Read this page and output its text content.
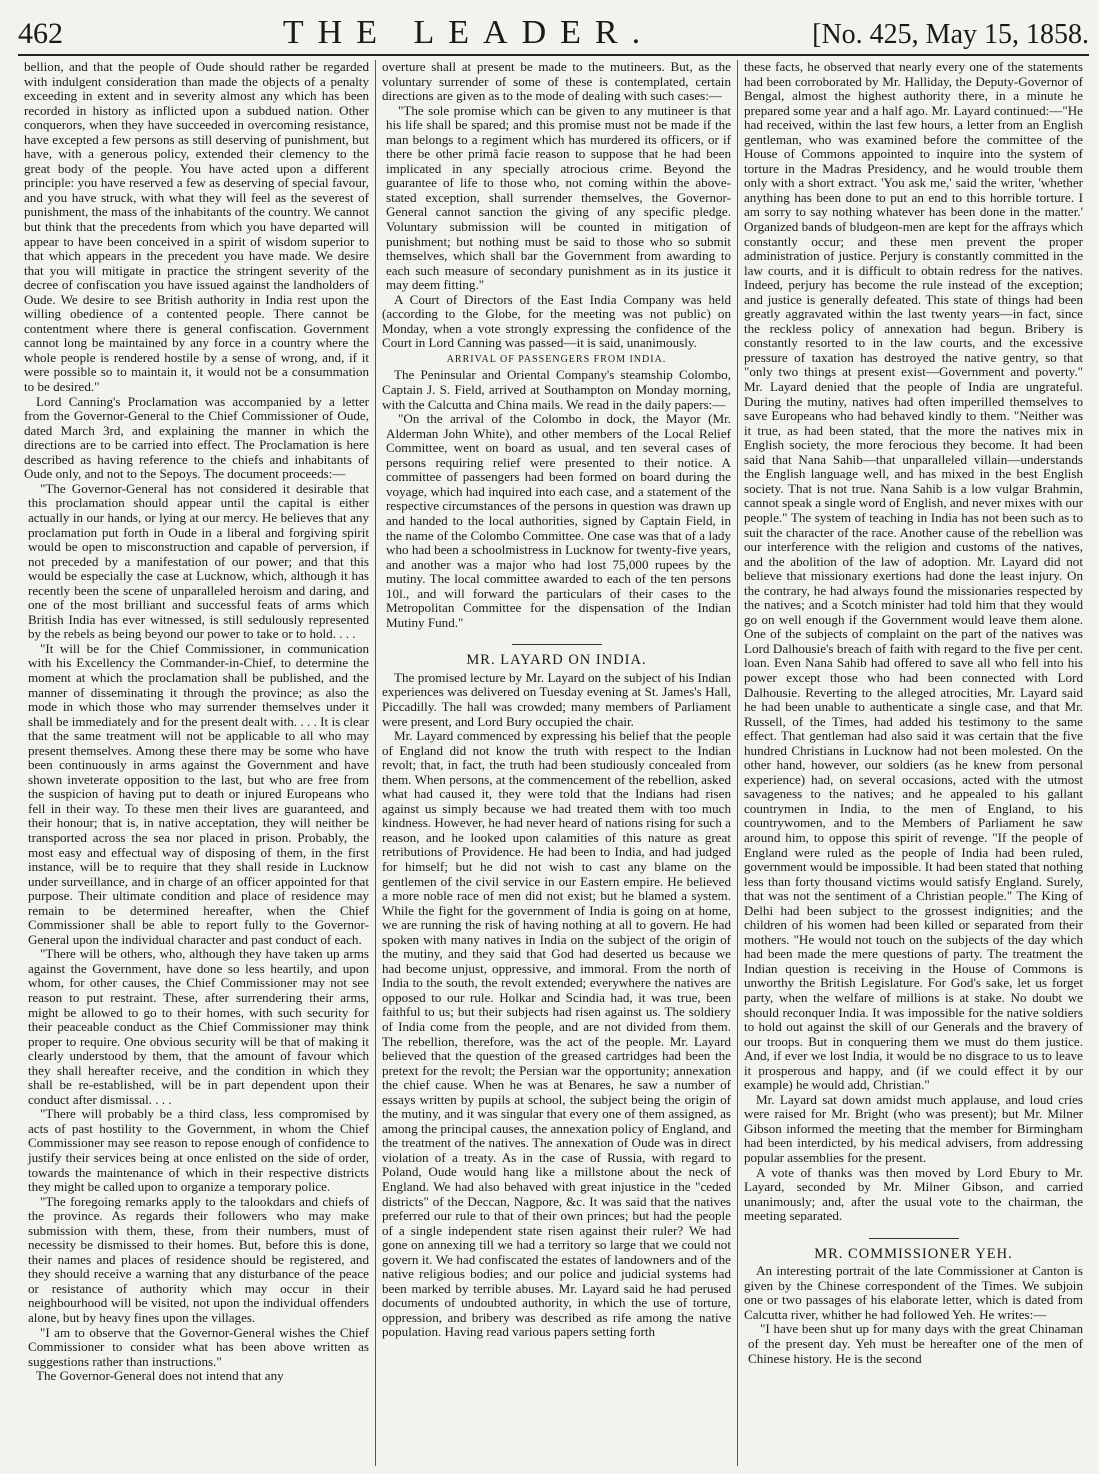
462	THE LEADER.	[No. 425, May 15, 1858.

bellion, and that the people of Oude should rather be regarded with indulgent consideration than made the objects of a penalty exceeding in extent and in severity almost any which has been recorded in history as inflicted upon a subdued nation. Other conquerors, when they have succeeded in overcoming resistance, have excepted a few persons as still deserving of punishment, but have, with a generous policy, extended their clemency to the great body of the people. You have acted upon a different principle: you have reserved a few as deserving of special favour, and you have struck, with what they will feel as the severest of punishment, the mass of the inhabitants of the country. We cannot but think that the precedents from which you have departed will appear to have been conceived in a spirit of wisdom superior to that which appears in the precedent you have made. We desire that you will mitigate in practice the stringent severity of the decree of confiscation you have issued against the landholders of Oude. We desire to see British authority in India rest upon the willing obedience of a contented people. There cannot be contentment where there is general confiscation. Government cannot long be maintained by any force in a country where the whole people is rendered hostile by a sense of wrong, and, if it were possible so to maintain it, it would not be a consummation to be desired."

Lord Canning's Proclamation was accompanied by a letter from the Governor-General to the Chief Commissioner of Oude, dated March 3rd, and explaining the manner in which the directions are to be carried into effect. The Proclamation is here described as having reference to the chiefs and inhabitants of Oude only, and not to the Sepoys. The document proceeds:—

"The Governor-General has not considered it desirable that this proclamation should appear until the capital is either actually in our hands, or lying at our mercy. He believes that any proclamation put forth in Oude in a liberal and forgiving spirit would be open to misconstruction and capable of perversion, if not preceded by a manifestation of our power; and that this would be especially the case at Lucknow, which, although it has recently been the scene of unparalleled heroism and daring, and one of the most brilliant and successful feats of arms which British India has ever witnessed, is still sedulously represented by the rebels as being beyond our power to take or to hold. . . .

"It will be for the Chief Commissioner, in communication with his Excellency the Commander-in-Chief, to determine the moment at which the proclamation shall be published, and the manner of disseminating it through the province; as also the mode in which those who may surrender themselves under it shall be immediately and for the present dealt with. . . . It is clear that the same treatment will not be applicable to all who may present themselves. Among these there may be some who have been continuously in arms against the Government and have shown inveterate opposition to the last, but who are free from the suspicion of having put to death or injured Europeans who fell in their way. To these men their lives are guaranteed, and their honour; that is, in native acceptation, they will neither be transported across the sea nor placed in prison. Probably, the most easy and effectual way of disposing of them, in the first instance, will be to require that they shall reside in Lucknow under surveillance, and in charge of an officer appointed for that purpose. Their ultimate condition and place of residence may remain to be determined hereafter, when the Chief Commissioner shall be able to report fully to the Governor-General upon the individual character and past conduct of each.

"There will be others, who, although they have taken up arms against the Government, have done so less heartily, and upon whom, for other causes, the Chief Commissioner may not see reason to put restraint. These, after surrendering their arms, might be allowed to go to their homes, with such security for their peaceable conduct as the Chief Commissioner may think proper to require. One obvious security will be that of making it clearly understood by them, that the amount of favour which they shall hereafter receive, and the condition in which they shall be re-established, will be in part dependent upon their conduct after dismissal. . . .

"There will probably be a third class, less compromised by acts of past hostility to the Government, in whom the Chief Commissioner may see reason to repose enough of confidence to justify their services being at once enlisted on the side of order, towards the maintenance of which in their respective districts they might be called upon to organize a temporary police.

"The foregoing remarks apply to the talookdars and chiefs of the province. As regards their followers who may make submission with them, these, from their numbers, must of necessity be dismissed to their homes. But, before this is done, their names and places of residence should be registered, and they should receive a warning that any disturbance of the peace or resistance of authority which may occur in their neighbourhood will be visited, not upon the individual offenders alone, but by heavy fines upon the villages.

"I am to observe that the Governor-General wishes the Chief Commissioner to consider what has been above written as suggestions rather than instructions."

The Governor-General does not intend that any

overture shall at present be made to the mutineers. But, as the voluntary surrender of some of these is contemplated, certain directions are given as to the mode of dealing with such cases:—

"The sole promise which can be given to any mutineer is that his life shall be spared; and this promise must not be made if the man belongs to a regiment which has murdered its officers, or if there be other primâ facie reason to suppose that he had been implicated in any specially atrocious crime. Beyond the guarantee of life to those who, not coming within the above-stated exception, shall surrender themselves, the Governor-General cannot sanction the giving of any specific pledge. Voluntary submission will be counted in mitigation of punishment; but nothing must be said to those who so submit themselves, which shall bar the Government from awarding to each such measure of secondary punishment as in its justice it may deem fitting."

A Court of Directors of the East India Company was held (according to the Globe, for the meeting was not public) on Monday, when a vote strongly expressing the confidence of the Court in Lord Canning was passed—it is said, unanimously.

ARRIVAL OF PASSENGERS FROM INDIA.

The Peninsular and Oriental Company's steamship Colombo, Captain J. S. Field, arrived at Southampton on Monday morning, with the Calcutta and China mails. We read in the daily papers:—

"On the arrival of the Colombo in dock, the Mayor (Mr. Alderman John White), and other members of the Local Relief Committee, went on board as usual, and ten several cases of persons requiring relief were presented to their notice. A committee of passengers had been formed on board during the voyage, which had inquired into each case, and a statement of the respective circumstances of the persons in question was drawn up and handed to the local authorities, signed by Captain Field, in the name of the Colombo Committee. One case was that of a lady who had been a schoolmistress in Lucknow for twenty-five years, and another was a major who had lost 75,000 rupees by the mutiny. The local committee awarded to each of the ten persons 10l., and will forward the particulars of their cases to the Metropolitan Committee for the dispensation of the Indian Mutiny Fund."

MR. LAYARD ON INDIA.

The promised lecture by Mr. Layard on the subject of his Indian experiences was delivered on Tuesday evening at St. James's Hall, Piccadilly. The hall was crowded; many members of Parliament were present, and Lord Bury occupied the chair.

Mr. Layard commenced by expressing his belief that the people of England did not know the truth with respect to the Indian revolt; that, in fact, the truth had been studiously concealed from them. When persons, at the commencement of the rebellion, asked what had caused it, they were told that the Indians had risen against us simply because we had treated them with too much kindness. However, he had never heard of nations rising for such a reason, and he looked upon calamities of this nature as great retributions of Providence. He had been to India, and had judged for himself; but he did not wish to cast any blame on the gentlemen of the civil service in our Eastern empire. He believed a more noble race of men did not exist; but he blamed a system. While the fight for the government of India is going on at home, we are running the risk of having nothing at all to govern. He had spoken with many natives in India on the subject of the origin of the mutiny, and they said that God had deserted us because we had become unjust, oppressive, and immoral. From the north of India to the south, the revolt extended; everywhere the natives are opposed to our rule. Holkar and Scindia had, it was true, been faithful to us; but their subjects had risen against us. The soldiery of India come from the people, and are not divided from them. The rebellion, therefore, was the act of the people. Mr. Layard believed that the question of the greased cartridges had been the pretext for the revolt; the Persian war the opportunity; annexation the chief cause. When he was at Benares, he saw a number of essays written by pupils at school, the subject being the origin of the mutiny, and it was singular that every one of them assigned, as among the principal causes, the annexation policy of England, and the treatment of the natives. The annexation of Oude was in direct violation of a treaty. As in the case of Russia, with regard to Poland, Oude would hang like a millstone about the neck of England. We had also behaved with great injustice in the "ceded districts" of the Deccan, Nagpore, &c. It was said that the natives preferred our rule to that of their own princes; but had the people of a single independent state risen against their ruler? We had gone on annexing till we had a territory so large that we could not govern it. We had confiscated the estates of landowners and of the native religious bodies; and our police and judicial systems had been marked by terrible abuses. Mr. Layard said he had perused documents of undoubted authority, in which the use of torture, oppression, and bribery was described as rife among the native population. Having read various papers setting forth

these facts, he observed that nearly every one of the statements had been corroborated by Mr. Halliday, the Deputy-Governor of Bengal, almost the highest authority there, in a minute he prepared some year and a half ago. Mr. Layard continued:—"He had received, within the last few hours, a letter from an English gentleman, who was examined before the committee of the House of Commons appointed to inquire into the system of torture in the Madras Presidency, and he would trouble them only with a short extract. 'You ask me,' said the writer, 'whether anything has been done to put an end to this horrible torture. I am sorry to say nothing whatever has been done in the matter.' Organized bands of bludgeon-men are kept for the affrays which constantly occur; and these men prevent the proper administration of justice. Perjury is constantly committed in the law courts, and it is difficult to obtain redress for the natives. Indeed, perjury has become the rule instead of the exception; and justice is generally defeated. This state of things had been greatly aggravated within the last twenty years—in fact, since the reckless policy of annexation had begun. Bribery is constantly resorted to in the law courts, and the excessive pressure of taxation has destroyed the native gentry, so that "only two things at present exist—Government and poverty." Mr. Layard denied that the people of India are ungrateful. During the mutiny, natives had often imperilled themselves to save Europeans who had behaved kindly to them. "Neither was it true, as had been stated, that the more the natives mix in English society, the more ferocious they become. It had been said that Nana Sahib—that unparalleled villain—understands the English language well, and has mixed in the best English society. That is not true. Nana Sahib is a low vulgar Brahmin, cannot speak a single word of English, and never mixes with our people." The system of teaching in India has not been such as to suit the character of the race. Another cause of the rebellion was our interference with the religion and customs of the natives, and the abolition of the law of adoption. Mr. Layard did not believe that missionary exertions had done the least injury. On the contrary, he had always found the missionaries respected by the natives; and a Scotch minister had told him that they would go on well enough if the Government would leave them alone. One of the subjects of complaint on the part of the natives was Lord Dalhousie's breach of faith with regard to the five per cent. loan. Even Nana Sahib had offered to save all who fell into his power except those who had been connected with Lord Dalhousie. Reverting to the alleged atrocities, Mr. Layard said he had been unable to authenticate a single case, and that Mr. Russell, of the Times, had added his testimony to the same effect. That gentleman had also said it was certain that the five hundred Christians in Lucknow had not been molested. On the other hand, however, our soldiers (as he knew from personal experience) had, on several occasions, acted with the utmost savageness to the natives; and he appealed to his gallant countrymen in India, to the men of England, to his countrywomen, and to the Members of Parliament he saw around him, to oppose this spirit of revenge. "If the people of England were ruled as the people of India had been ruled, government would be impossible. It had been stated that nothing less than forty thousand victims would satisfy England. Surely, that was not the sentiment of a Christian people." The King of Delhi had been subject to the grossest indignities; and the children of his women had been killed or separated from their mothers. "He would not touch on the subjects of the day which had been made the mere questions of party. The treatment the Indian question is receiving in the House of Commons is unworthy the British Legislature. For God's sake, let us forget party, when the welfare of millions is at stake. No doubt we should reconquer India. It was impossible for the native soldiers to hold out against the skill of our Generals and the bravery of our troops. But in conquering them we must do them justice. And, if ever we lost India, it would be no disgrace to us to leave it prosperous and happy, and (if we could effect it by our example) he would add, Christian."

Mr. Layard sat down amidst much applause, and loud cries were raised for Mr. Bright (who was present); but Mr. Milner Gibson informed the meeting that the member for Birmingham had been interdicted, by his medical advisers, from addressing popular assemblies for the present.

A vote of thanks was then moved by Lord Ebury to Mr. Layard, seconded by Mr. Milner Gibson, and carried unanimously; and, after the usual vote to the chairman, the meeting separated.

MR. COMMISSIONER YEH.

An interesting portrait of the late Commissioner at Canton is given by the Chinese correspondent of the Times. We subjoin one or two passages of his elaborate letter, which is dated from Calcutta river, whither he had followed Yeh. He writes:—

"I have been shut up for many days with the great Chinaman of the present day. Yeh must be hereafter one of the men of Chinese history. He is the second
